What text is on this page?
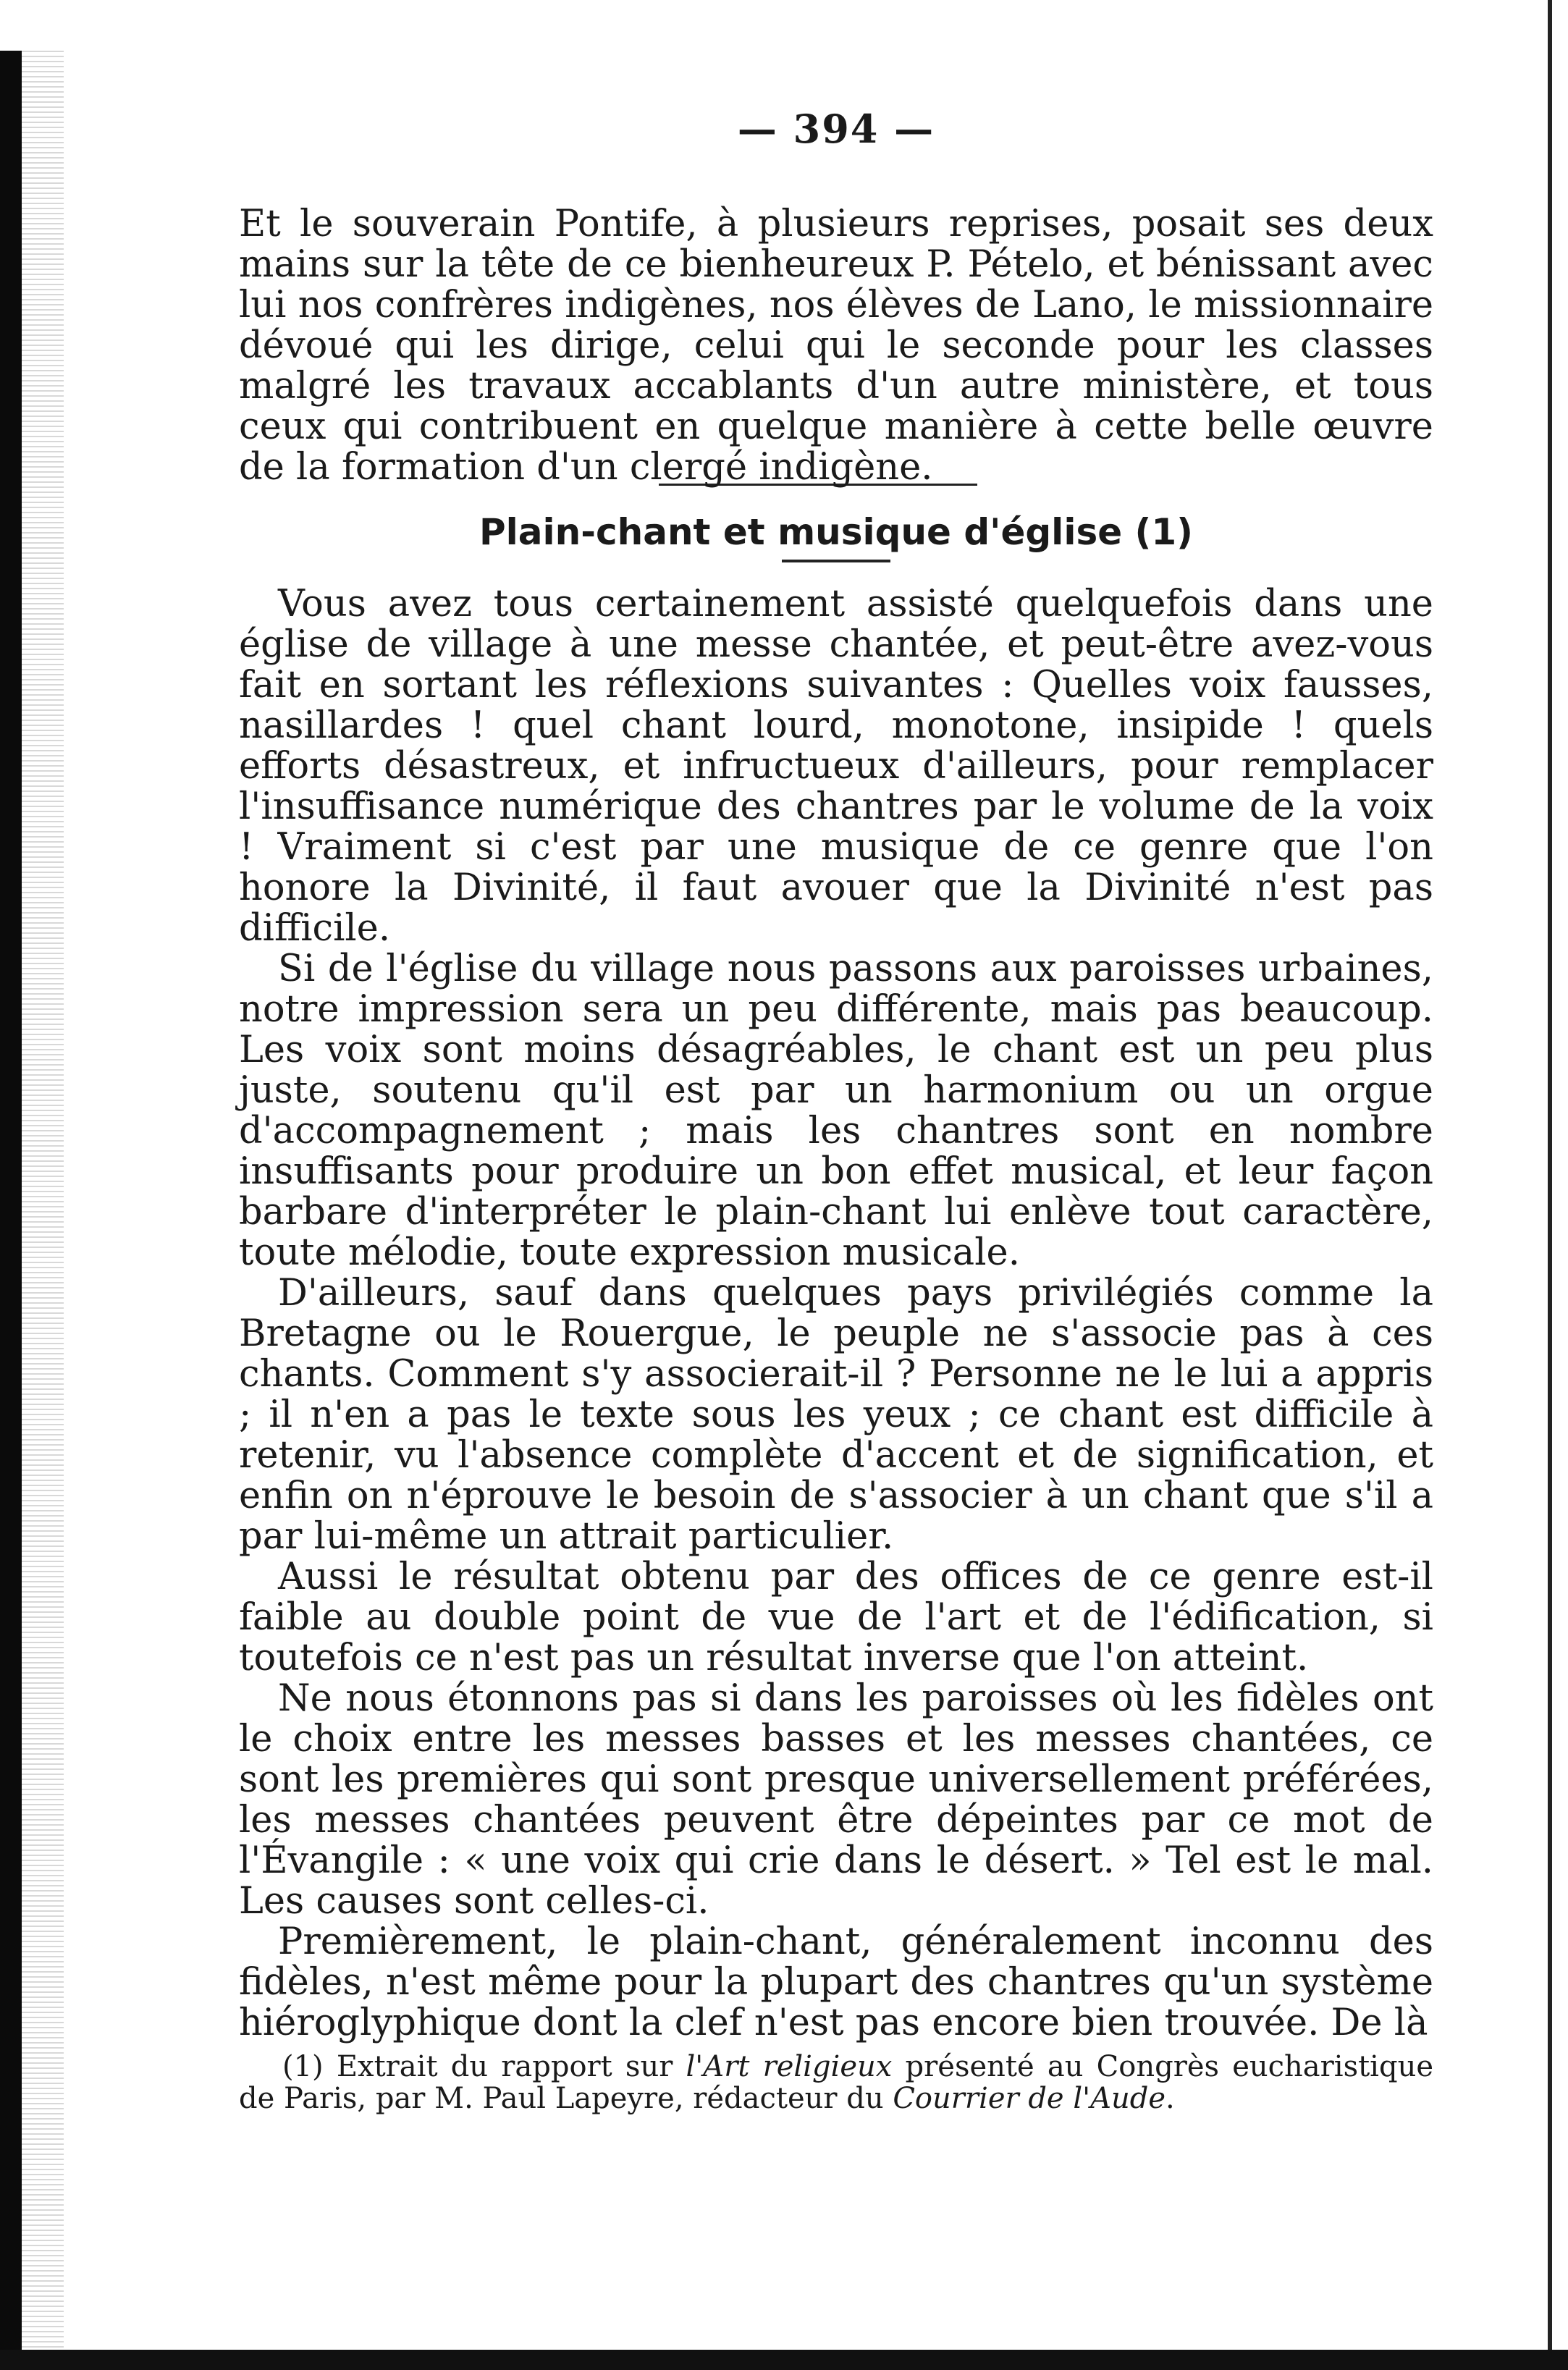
— 394 —

Et le souverain Pontife, à plusieurs reprises, posait ses deux mains sur la tête de ce bienheureux P. Pételo, et bénissant avec lui nos confrères indigènes, nos élèves de Lano, le missionnaire dévoué qui les dirige, celui qui le seconde pour les classes malgré les travaux accablants d'un autre ministère, et tous ceux qui contribuent en quelque manière à cette belle œuvre de la formation d'un clergé indigène.

Plain-chant et musique d'église (1)

Vous avez tous certainement assisté quelquefois dans une église de village à une messe chantée, et peut-être avez-vous fait en sortant les réflexions suivantes : Quelles voix fausses, nasillardes ! quel chant lourd, monotone, insipide ! quels efforts désastreux, et infructueux d'ailleurs, pour remplacer l'insuffisance numérique des chantres par le volume de la voix ! Vraiment si c'est par une musique de ce genre que l'on honore la Divinité, il faut avouer que la Divinité n'est pas difficile.

Si de l'église du village nous passons aux paroisses urbaines, notre impression sera un peu différente, mais pas beaucoup. Les voix sont moins désagréables, le chant est un peu plus juste, soutenu qu'il est par un harmonium ou un orgue d'accompagnement ; mais les chantres sont en nombre insuffisants pour produire un bon effet musical, et leur façon barbare d'interpréter le plain-chant lui enlève tout caractère, toute mélodie, toute expression musicale.

D'ailleurs, sauf dans quelques pays privilégiés comme la Bretagne ou le Rouergue, le peuple ne s'associe pas à ces chants. Comment s'y associerait-il ? Personne ne le lui a appris ; il n'en a pas le texte sous les yeux ; ce chant est difficile à retenir, vu l'absence complète d'accent et de signification, et enfin on n'éprouve le besoin de s'associer à un chant que s'il a par lui-même un attrait particulier.

Aussi le résultat obtenu par des offices de ce genre est-il faible au double point de vue de l'art et de l'édification, si toutefois ce n'est pas un résultat inverse que l'on atteint.

Ne nous étonnons pas si dans les paroisses où les fidèles ont le choix entre les messes basses et les messes chantées, ce sont les premières qui sont presque universellement préférées, les messes chantées peuvent être dépeintes par ce mot de l'Évangile : « une voix qui crie dans le désert. » Tel est le mal. Les causes sont celles-ci.

Premièrement, le plain-chant, généralement inconnu des fidèles, n'est même pour la plupart des chantres qu'un système hiéroglyphique dont la clef n'est pas encore bien trouvée. De là

(1) Extrait du rapport sur l'Art religieux présenté au Congrès eucharistique de Paris, par M. Paul Lapeyre, rédacteur du Courrier de l'Aude.
